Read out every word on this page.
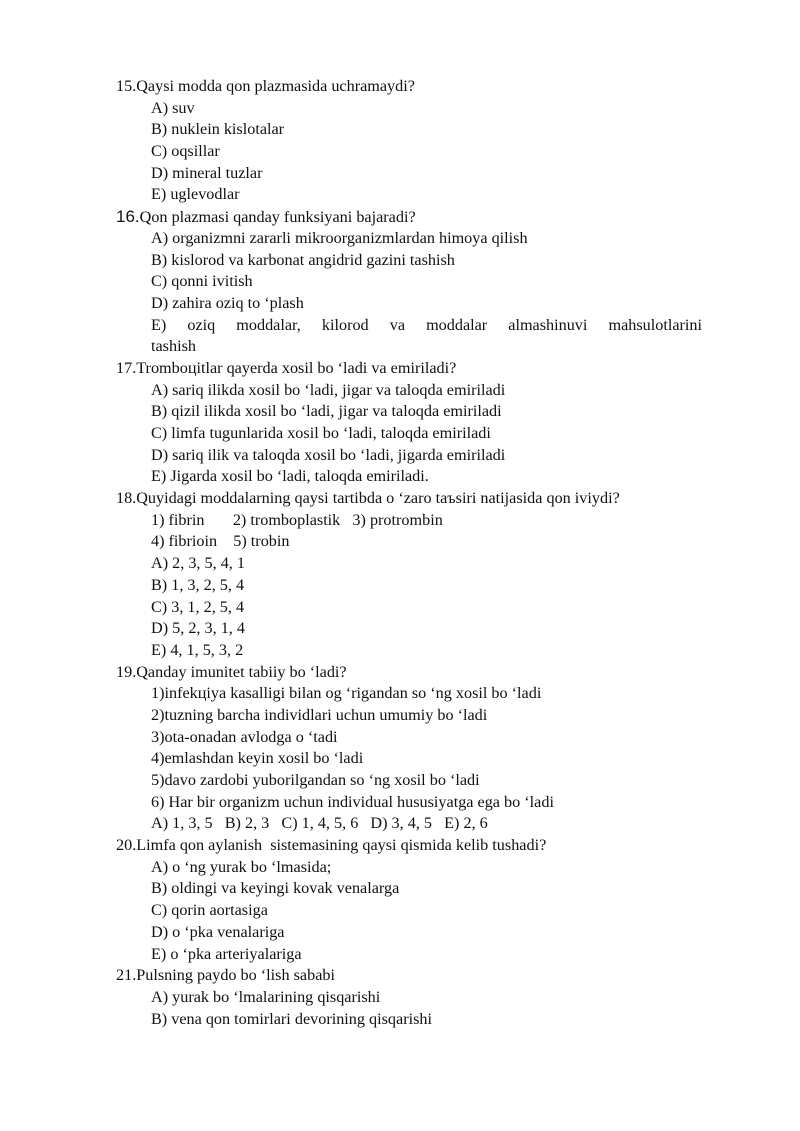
15.Qaysi modda qon plazmasida uchramaydi?
A) suv
B) nuklein kislotalar
C) oqsillar
D) mineral tuzlar
E) uglevodlar
16.Qon plazmasi qanday funksiyani bajaradi?
A) organizmni zararli mikroorganizmlardan himoya qilish
B) kislorod va karbonat angidrid gazini tashish
C) qonni ivitish
D) zahira oziq to ‘plash
E) oziq moddalar, kilorod va moddalar almashinuvi mahsulotlarini
tashish
17.Trombоцitlar qayerda xosil bo ‘ladi va emiriladi?
A) sariq ilikda xosil bo ‘ladi, jigar va taloqda emiriladi
B) qizil ilikda xosil bo ‘ladi, jigar va taloqda emiriladi
C) limfa tugunlarida xosil bo ‘ladi, taloqda emiriladi
D) sariq ilik va taloqda xosil bo ‘ladi, jigarda emiriladi
E) Jigarda xosil bo ‘ladi, taloqda emiriladi.
18.Quyidagi moddalarning qaysi tartibda o ‘zaro taъsiri natijasida qon iviydi?
1) fibrin       2) tromboplastik   3) protrombin
4) fibrioin    5) trobin
A) 2, 3, 5, 4, 1
B) 1, 3, 2, 5, 4
C) 3, 1, 2, 5, 4
D) 5, 2, 3, 1, 4
E) 4, 1, 5, 3, 2
19.Qanday imunitet tabiiy bo ‘ladi?
1)infekцiya kasalligi bilan og ‘rigandan so ‘ng xosil bo ‘ladi
2)tuzning barcha individlari uchun umumiy bo ‘ladi
3)ota-onadan avlodga o ‘tadi
4)emlashdan keyin xosil bo ‘ladi
5)davo zardobi yuborilgandan so ‘ng xosil bo ‘ladi
6) Har bir organizm uchun individual hususiyatga ega bo ‘ladi
A) 1, 3, 5   B) 2, 3   C) 1, 4, 5, 6   D) 3, 4, 5   E) 2, 6
20.Limfa qon aylanish  sistemasining qaysi qismida kelib tushadi?
A) o ‘ng yurak bo ‘lmasida;
B) oldingi va keyingi kovak venalarga
C) qorin aortasiga
D) o ‘pka venalariga
E) o ‘pka arteriyalariga
21.Pulsning paydo bo ‘lish sababi
A) yurak bo ‘lmalarining qisqarishi
B) vena qon tomirlari devorining qisqarishi
